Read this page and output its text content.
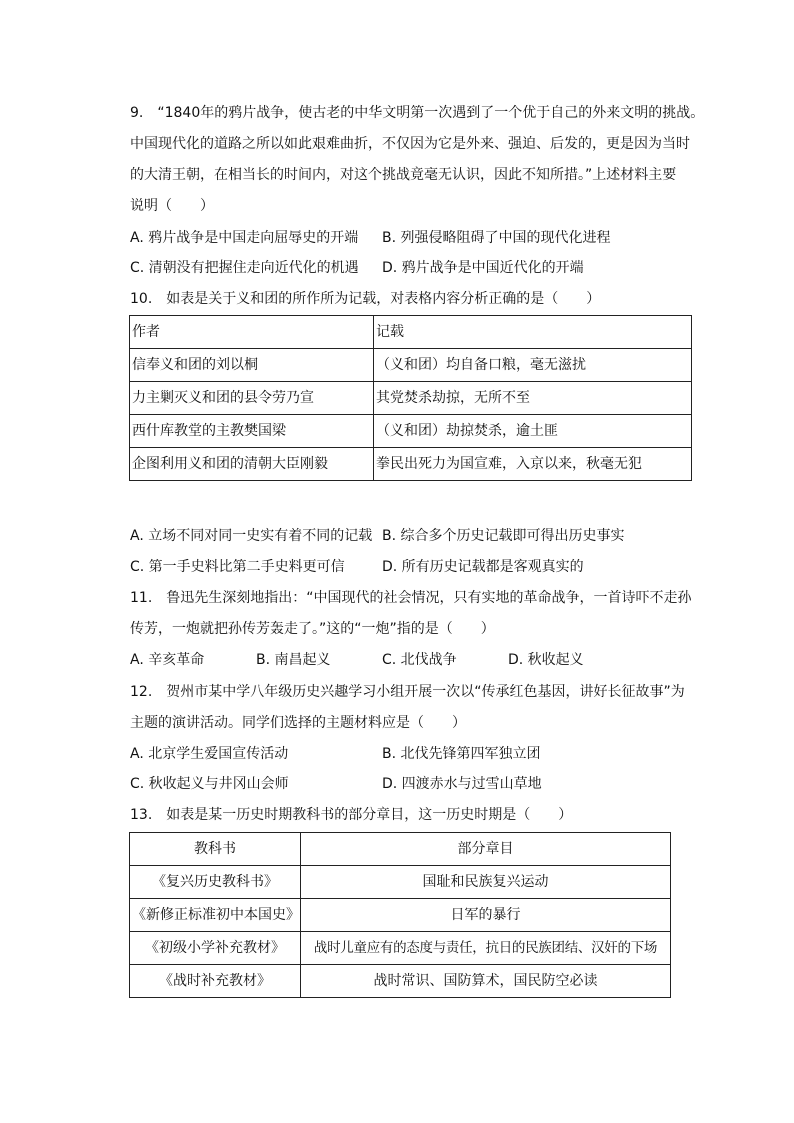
9.　“1840年的鸦片战争，使古老的中华文明第一次遇到了一个优于自己的外来文明的挑战。
中国现代化的道路之所以如此艰难曲折，不仅因为它是外来、强迫、后发的，更是因为当时
的大清王朝，在相当长的时间内，对这个挑战竟毫无认识，因此不知所措。”上述材料主要
说明（　　）
A. 鸦片战争是中国走向屈辱史的开端 B. 列强侵略阻碍了中国的现代化进程
C. 清朝没有把握住走向近代化的机遇 D. 鸦片战争是中国近代化的开端
10.　如表是关于义和团的所作所为记载，对表格内容分析正确的是（　　）
作者	记载
信奉义和团的刘以桐	（义和团）均自备口粮，毫无滋扰
力主剿灭义和团的县令劳乃宣	其党焚杀劫掠，无所不至
西什库教堂的主教樊国梁	（义和团）劫掠焚杀，逾土匪
企图利用义和团的清朝大臣刚毅	拳民出死力为国宣难，入京以来，秋毫无犯
A. 立场不同对同一史实有着不同的记载 B. 综合多个历史记载即可得出历史事实
C. 第一手史料比第二手史料更可信	D. 所有历史记载都是客观真实的
11.　鲁迅先生深刻地指出：“中国现代的社会情况，只有实地的革命战争，一首诗吓不走孙
传芳，一炮就把孙传芳轰走了。”这的“一炮”指的是（　　）
A. 辛亥革命	B. 南昌起义	C. 北伐战争	D. 秋收起义
12.　贺州市某中学八年级历史兴趣学习小组开展一次以“传承红色基因，讲好长征故事”为
主题的演讲活动。同学们选择的主题材料应是（　　）
A. 北京学生爱国宣传活动	B. 北伐先锋第四军独立团
C. 秋收起义与井冈山会师	D. 四渡赤水与过雪山草地
13.　如表是某一历史时期教科书的部分章目，这一历史时期是（　　）
教科书	部分章目
《复兴历史教科书》	国耻和民族复兴运动
《新修正标准初中本国史》	日军的暴行
《初级小学补充教材》	战时儿童应有的态度与责任，抗日的民族团结、汉奸的下场
《战时补充教材》	战时常识、国防算术，国民防空必读
